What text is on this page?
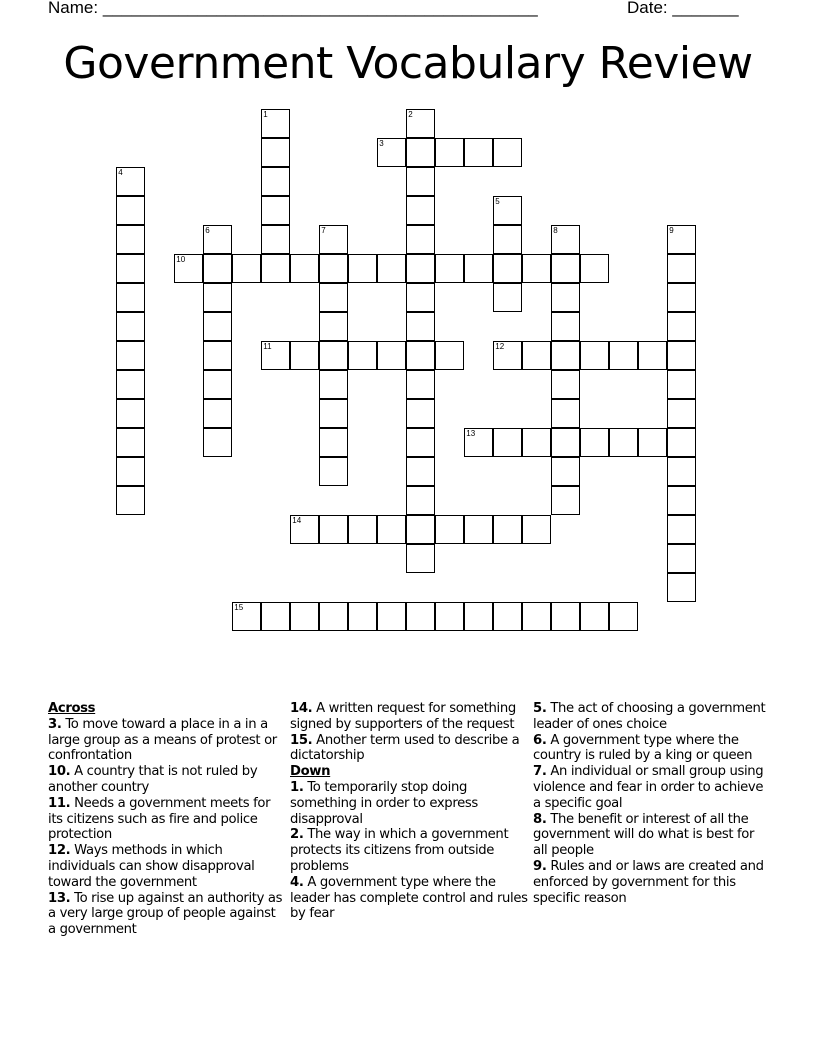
Name: ______________________________________________	Date: _______
Government Vocabulary Review
1	2
3
4
5
6	7	8	9
10
11	12
13
14
15
Across
3. To move toward a place in a in a large group as a means of protest or confrontation
10. A country that is not ruled by another country
11. Needs a government meets for its citizens such as fire and police protection
12. Ways methods in which individuals can show disapproval toward the government
13. To rise up against an authority as a very large group of people against a government
14. A written request for something signed by supporters of the request
15. Another term used to describe a dictatorship
Down
1. To temporarily stop doing something in order to express disapproval
2. The way in which a government protects its citizens from outside problems
4. A government type where the leader has complete control and rules by fear
5. The act of choosing a government leader of ones choice
6. A government type where the country is ruled by a king or queen
7. An individual or small group using violence and fear in order to achieve a specific goal
8. The benefit or interest of all the government will do what is best for all people
9. Rules and or laws are created and enforced by government for this specific reason
